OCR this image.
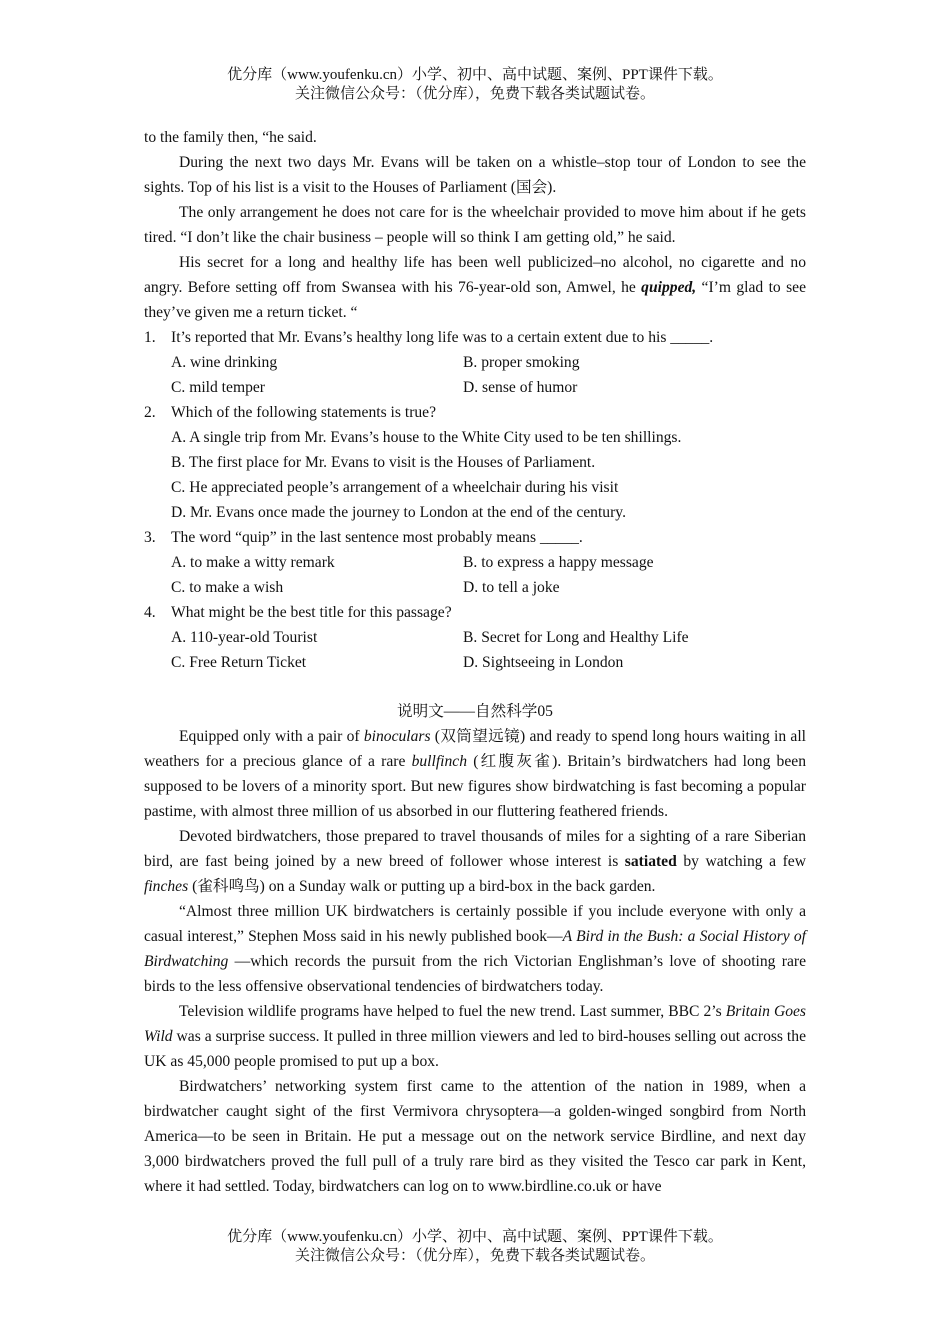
优分库（www.youfenku.cn）小学、初中、高中试题、案例、PPT课件下载。
关注微信公众号：（优分库），免费下载各类试题试卷。

to the family then, “he said.

During the next two days Mr. Evans will be taken on a whistle–stop tour of London to see the sights. Top of his list is a visit to the Houses of Parliament (国会).

The only arrangement he does not care for is the wheelchair provided to move him about if he gets tired. “I don’t like the chair business – people will so think I am getting old,” he said.

His secret for a long and healthy life has been well publicized–no alcohol, no cigarette and no angry. Before setting off from Swansea with his 76-year-old son, Amwel, he quipped, “I’m glad to see they’ve given me a return ticket. “

1. It’s reported that Mr. Evans’s healthy long life was to a certain extent due to his _____.

A. wine drinking	B. proper smoking
C. mild temper	D. sense of humor

2. Which of the following statements is true?

A. A single trip from Mr. Evans’s house to the White City used to be ten shillings.
B. The first place for Mr. Evans to visit is the Houses of Parliament.
C. He appreciated people’s arrangement of a wheelchair during his visit
D. Mr. Evans once made the journey to London at the end of the century.

3. The word “quip” in the last sentence most probably means _____.

A. to make a witty remark	B. to express a happy message
C. to make a wish	D. to tell a joke

4. What might be the best title for this passage?

A. 110-year-old Tourist	B. Secret for Long and Healthy Life
C. Free Return Ticket	D. Sightseeing in London

说明文——自然科学05

Equipped only with a pair of binoculars (双筒望远镜) and ready to spend long hours waiting in all weathers for a precious glance of a rare bullfinch (红腹灰雀). Britain’s birdwatchers had long been supposed to be lovers of a minority sport. But new figures show birdwatching is fast becoming a popular pastime, with almost three million of us absorbed in our fluttering feathered friends.

Devoted birdwatchers, those prepared to travel thousands of miles for a sighting of a rare Siberian bird, are fast being joined by a new breed of follower whose interest is satiated by watching a few finches (雀科鸣鸟) on a Sunday walk or putting up a bird-box in the back garden.

“Almost three million UK birdwatchers is certainly possible if you include everyone with only a casual interest,” Stephen Moss said in his newly published book—A Bird in the Bush: a Social History of Birdwatching —which records the pursuit from the rich Victorian Englishman’s love of shooting rare birds to the less offensive observational tendencies of birdwatchers today.

Television wildlife programs have helped to fuel the new trend. Last summer, BBC 2’s Britain Goes Wild was a surprise success. It pulled in three million viewers and led to bird-houses selling out across the UK as 45,000 people promised to put up a box.

Birdwatchers’ networking system first came to the attention of the nation in 1989, when a birdwatcher caught sight of the first Vermivora chrysoptera—a golden-winged songbird from North America—to be seen in Britain. He put a message out on the network service Birdline, and next day 3,000 birdwatchers proved the full pull of a truly rare bird as they visited the Tesco car park in Kent, where it had settled. Today, birdwatchers can log on to www.birdline.co.uk or have

优分库（www.youfenku.cn）小学、初中、高中试题、案例、PPT课件下载。
关注微信公众号：（优分库），免费下载各类试题试卷。
